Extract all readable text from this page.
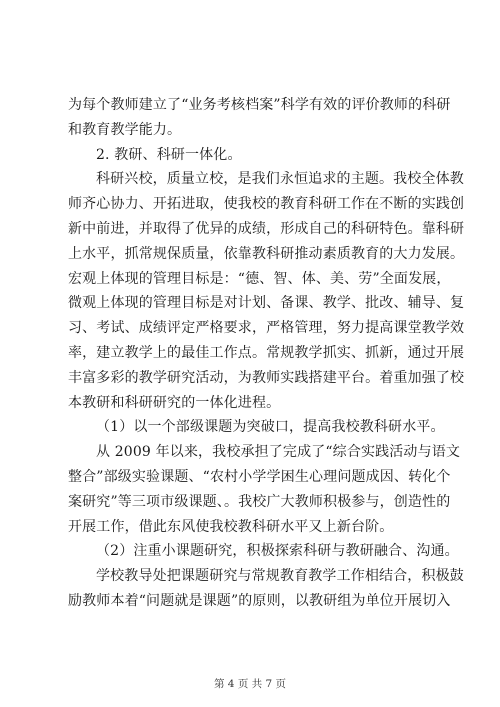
为每个教师建立了“业务考核档案”科学有效的评价教师的科研
和教育教学能力。
2. 教研、科研一体化。
科研兴校，质量立校，是我们永恒追求的主题。我校全体教
师齐心协力、开拓进取，使我校的教育科研工作在不断的实践创
新中前进，并取得了优异的成绩，形成自己的科研特色。靠科研
上水平，抓常规保质量，依靠教科研推动素质教育的大力发展。
宏观上体现的管理目标是：“德、智、体、美、劳”全面发展，
微观上体现的管理目标是对计划、备课、教学、批改、辅导、复
习、考试、成绩评定严格要求，严格管理，努力提高课堂教学效
率，建立教学上的最佳工作点。常规教学抓实、抓新，通过开展
丰富多彩的教学研究活动，为教师实践搭建平台。着重加强了校
本教研和科研研究的一体化进程。
（1）以一个部级课题为突破口，提高我校教科研水平。
从 2009 年以来，我校承担了完成了“综合实践活动与语文
整合”部级实验课题、“农村小学学困生心理问题成因、转化个
案研究”等三项市级课题、。我校广大教师积极参与，创造性的
开展工作，借此东风使我校教科研水平又上新台阶。
（2）注重小课题研究，积极探索科研与教研融合、沟通。
学校教导处把课题研究与常规教育教学工作相结合，积极鼓
励教师本着“问题就是课题”的原则，以教研组为单位开展切入
第 4 页 共 7 页
